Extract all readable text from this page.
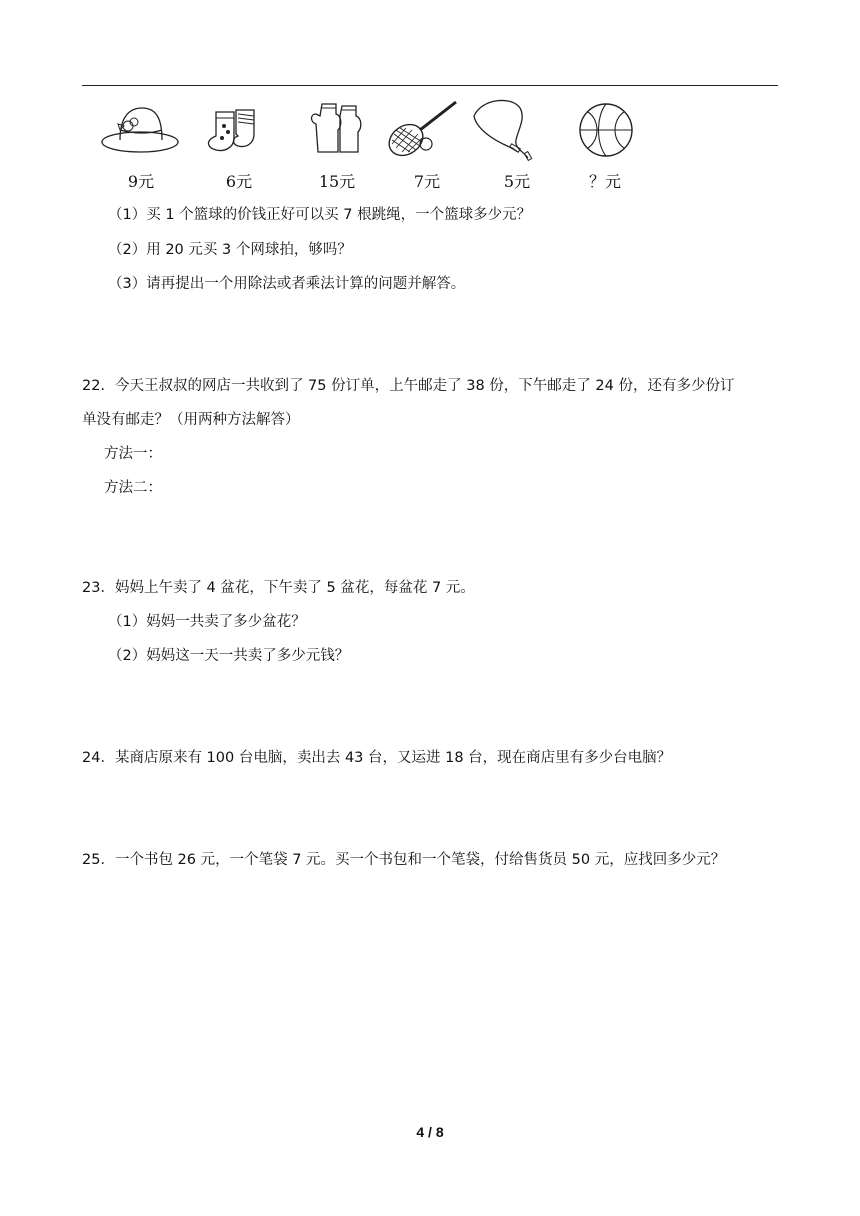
9元	6元	15元	7元	5元	？元
（1）买 1 个篮球的价钱正好可以买 7 根跳绳，一个篮球多少元？
（2）用 20 元买 3 个网球拍，够吗？
（3）请再提出一个用除法或者乘法计算的问题并解答。
22．今天王叔叔的网店一共收到了 75 份订单，上午邮走了 38 份，下午邮走了 24 份，还有多少份订
单没有邮走？（用两种方法解答）
方法一：
方法二：
23．妈妈上午卖了 4 盆花，下午卖了 5 盆花，每盆花 7 元。
（1）妈妈一共卖了多少盆花？
（2）妈妈这一天一共卖了多少元钱？
24．某商店原来有 100 台电脑，卖出去 43 台，又运进 18 台，现在商店里有多少台电脑？
25．一个书包 26 元，一个笔袋 7 元。买一个书包和一个笔袋，付给售货员 50 元，应找回多少元？
4 / 8
